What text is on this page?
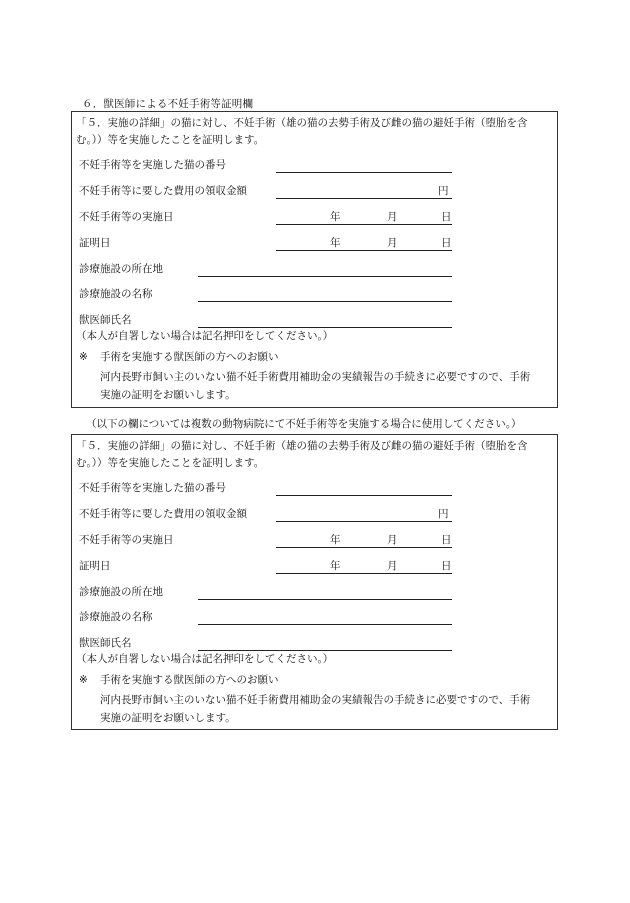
６．獣医師による不妊手術等証明欄
「５．実施の詳細」の猫に対し、不妊手術（雄の猫の去勢手術及び雌の猫の避妊手術（堕胎を含
む。））等を実施したことを証明します。
不妊手術等を実施した猫の番号
不妊手術等に要した費用の領収金額	円
不妊手術等の実施日	年	月	日
証明日	年	月	日
診療施設の所在地
診療施設の名称
獣医師氏名
（本人が自署しない場合は記名押印をしてください。）
※ 手術を実施する獣医師の方へのお願い
河内長野市飼い主のいない猫不妊手術費用補助金の実績報告の手続きに必要ですので、手術
実施の証明をお願いします。
（以下の欄については複数の動物病院にて不妊手術等を実施する場合に使用してください。）
「５．実施の詳細」の猫に対し、不妊手術（雄の猫の去勢手術及び雌の猫の避妊手術（堕胎を含
む。））等を実施したことを証明します。
不妊手術等を実施した猫の番号
不妊手術等に要した費用の領収金額	円
不妊手術等の実施日	年	月	日
証明日	年	月	日
診療施設の所在地
診療施設の名称
獣医師氏名
（本人が自署しない場合は記名押印をしてください。）
※ 手術を実施する獣医師の方へのお願い
河内長野市飼い主のいない猫不妊手術費用補助金の実績報告の手続きに必要ですので、手術
実施の証明をお願いします。
